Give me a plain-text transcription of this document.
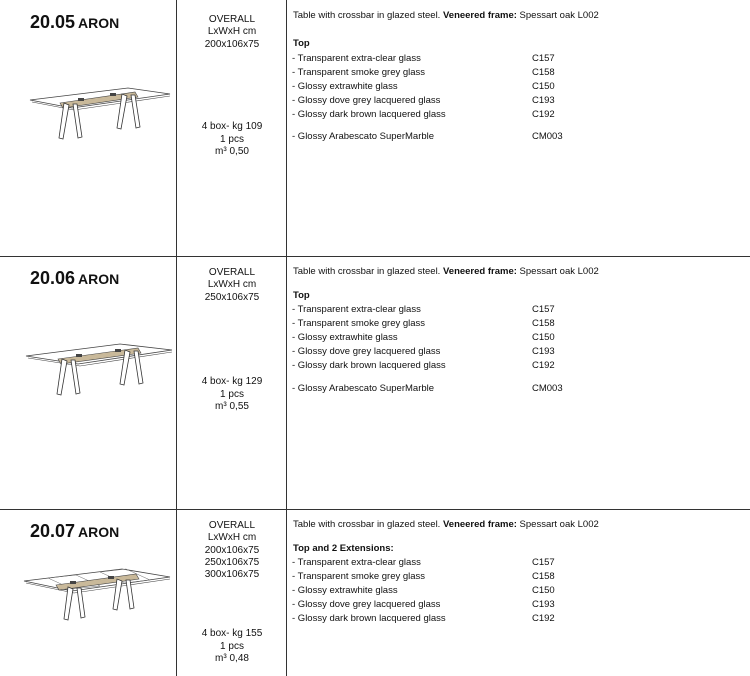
20.05 ARON	OVERALL
LxWxH cm
200x106x75
4 box- kg 109
1 pcs
m³ 0,50
Table with crossbar in glazed steel. Veneered frame: Spessart oak L002
Top
- Transparent extra-clear glass	C157
- Transparent smoke grey glass	C158
- Glossy extrawhite glass	C150
- Glossy dove grey lacquered glass	C193
- Glossy dark brown lacquered glass	C192
- Glossy Arabescato SuperMarble	CM003
20.06 ARON	OVERALL
LxWxH cm
250x106x75
4 box- kg 129
1 pcs
m³ 0,55
Table with crossbar in glazed steel. Veneered frame: Spessart oak L002
Top
- Transparent extra-clear glass	C157
- Transparent smoke grey glass	C158
- Glossy extrawhite glass	C150
- Glossy dove grey lacquered glass	C193
- Glossy dark brown lacquered glass	C192
- Glossy Arabescato SuperMarble	CM003
20.07 ARON	OVERALL
LxWxH cm
200x106x75
250x106x75
300x106x75
4 box- kg 155
1 pcs
m³ 0,48
Table with crossbar in glazed steel. Veneered frame: Spessart oak L002
Top and 2 Extensions:
- Transparent extra-clear glass	C157
- Transparent smoke grey glass	C158
- Glossy extrawhite glass	C150
- Glossy dove grey lacquered glass	C193
- Glossy dark brown lacquered glass	C192
